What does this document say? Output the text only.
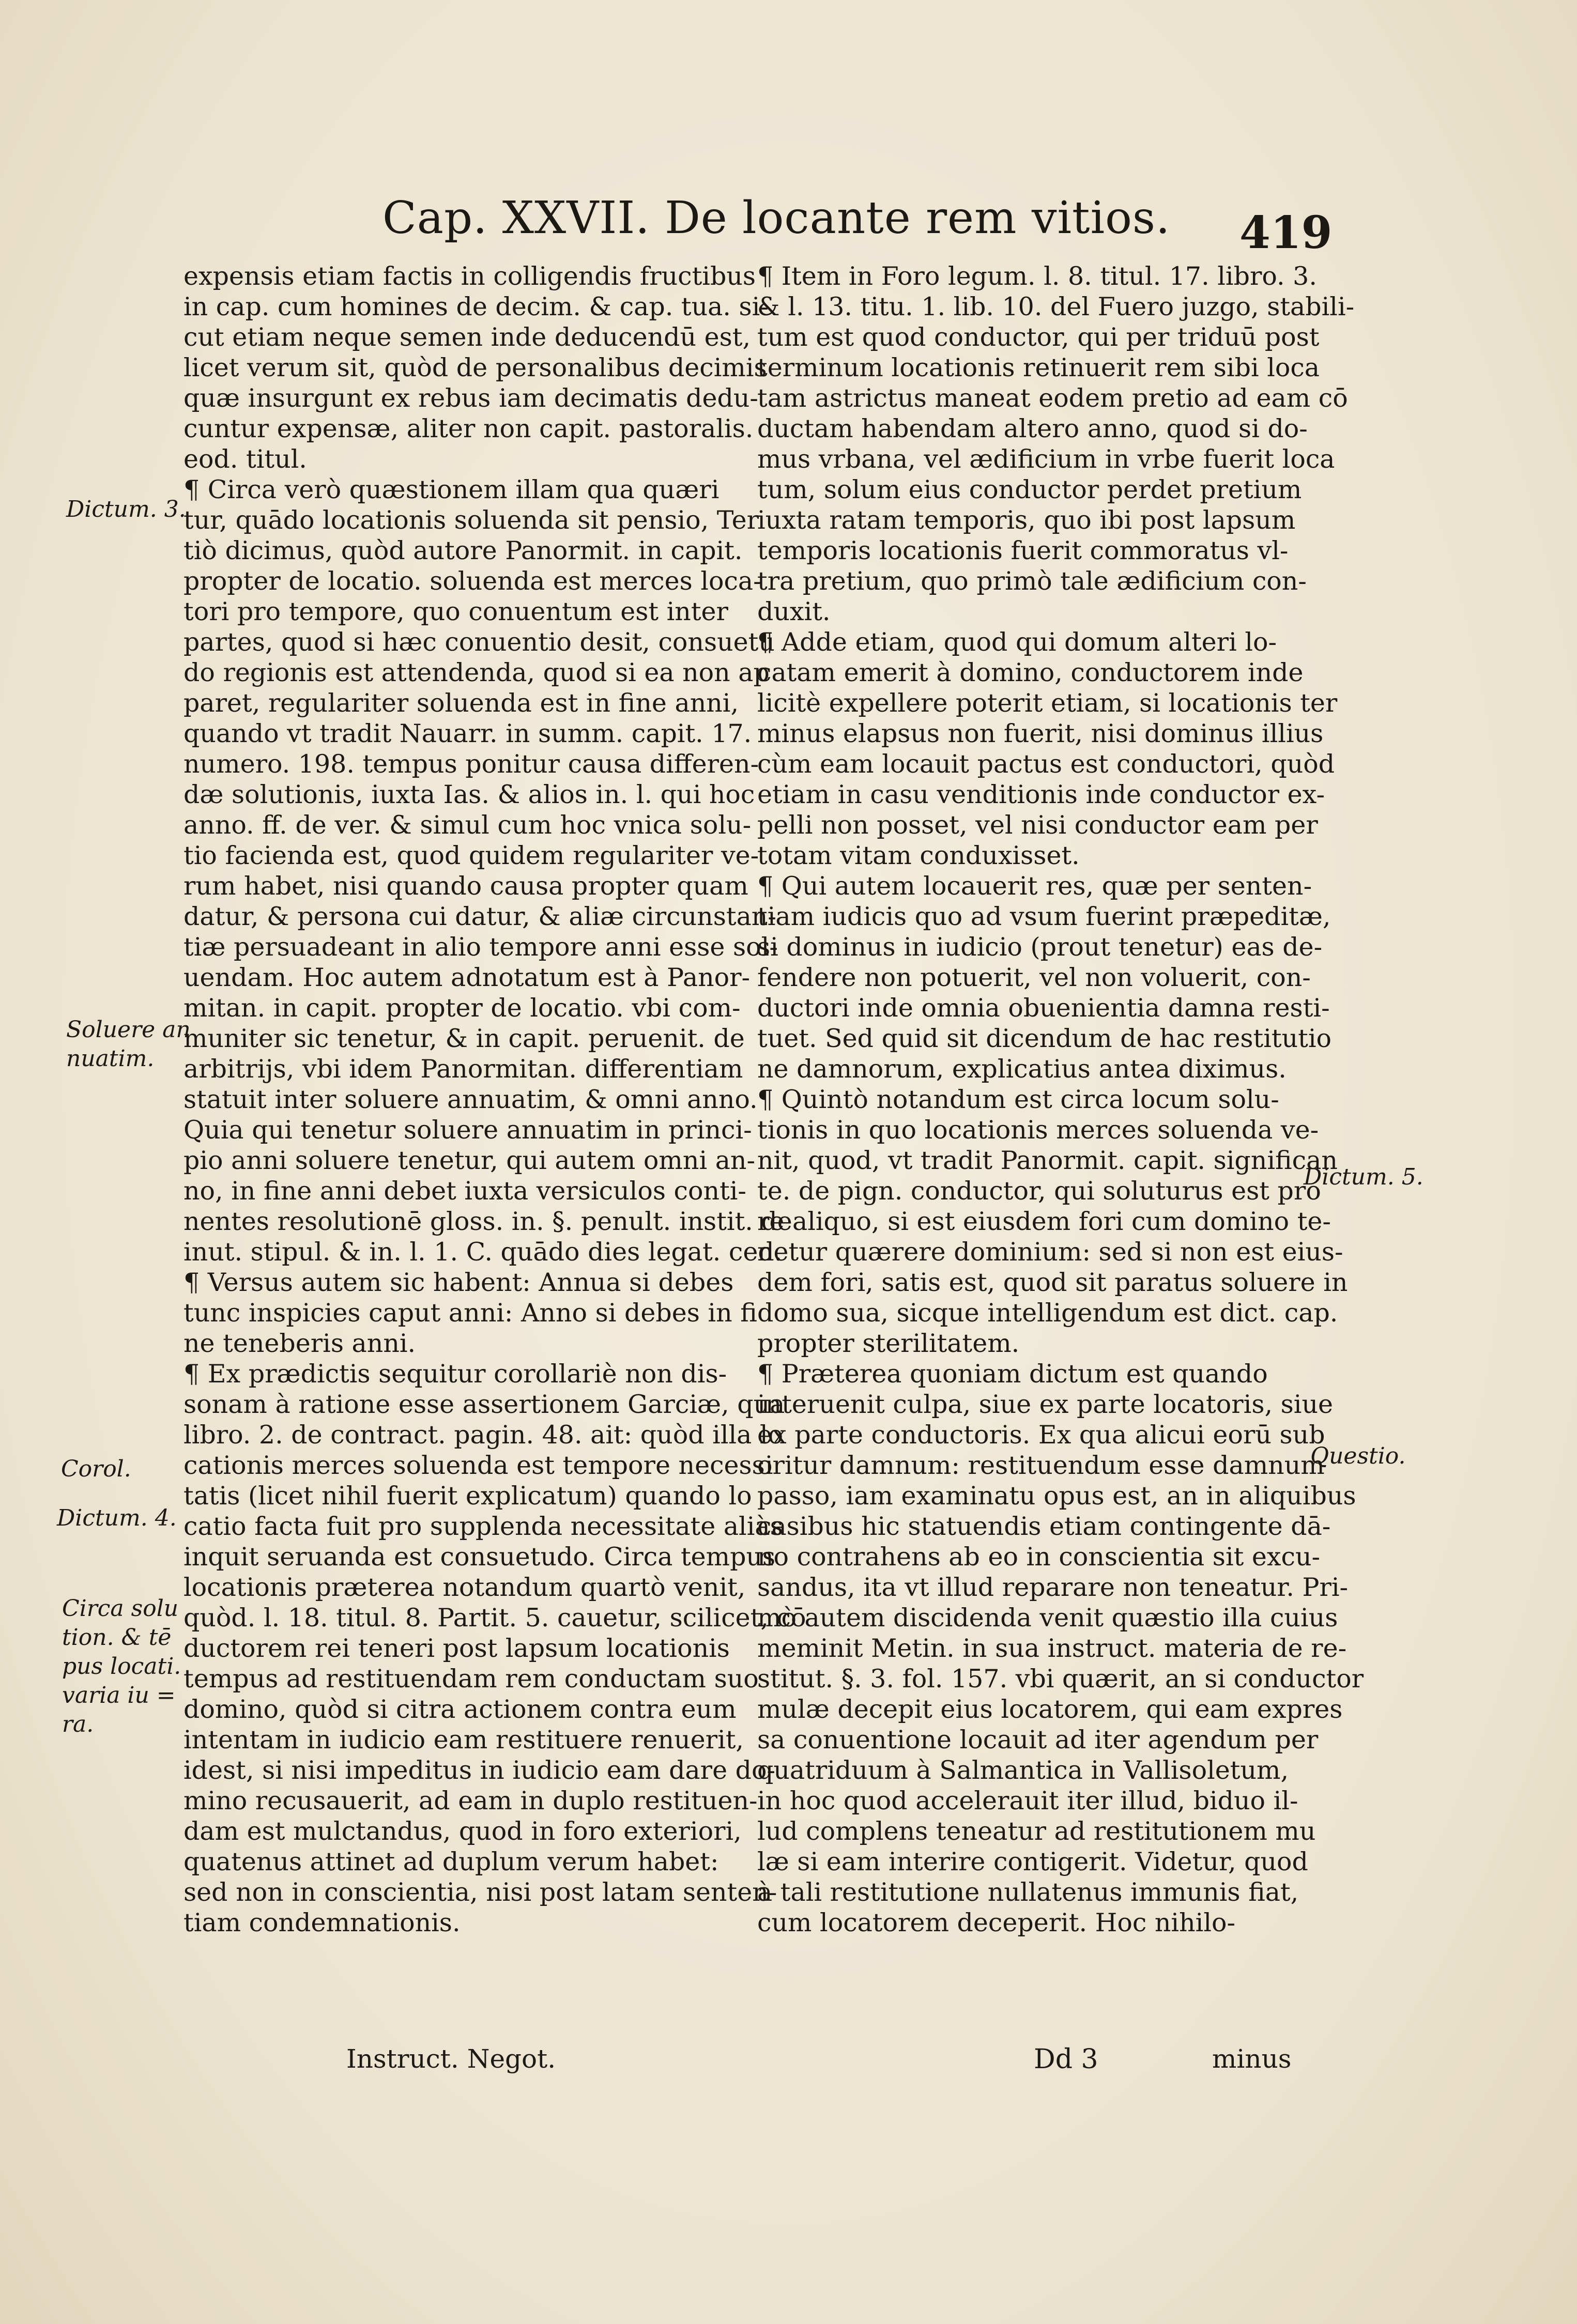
Cap. XXVII. De locante rem vitios. 419
expensis etiam factis in colligendis fructibus
in cap. cum homines de decim. & cap. tua. si-
cut etiam neque semen inde deducendū est,
licet verum sit, quòd de personalibus decimis
quæ insurgunt ex rebus iam decimatis dedu-
cuntur expensæ, aliter non capit. pastoralis.
eod. titul.
¶ Circa verò quæstionem illam qua quæri
tur, quādo locationis soluenda sit pensio, Ter
tiò dicimus, quòd autore Panormit. in capit.
propter de locatio. soluenda est merces loca-
tori pro tempore, quo conuentum est inter
partes, quod si hæc conuentio desit, consuetu
do regionis est attendenda, quod si ea non ap
paret, regulariter soluenda est in fine anni,
quando vt tradit Nauarr. in summ. capit. 17.
numero. 198. tempus ponitur causa differen-
dæ solutionis, iuxta Ias. & alios in. l. qui hoc
anno. ff. de ver. & simul cum hoc vnica solu-
tio facienda est, quod quidem regulariter ve-
rum habet, nisi quando causa propter quam
datur, & persona cui datur, & aliæ circunstan-
tiæ persuadeant in alio tempore anni esse sol-
uendam. Hoc autem adnotatum est à Panor-
mitan. in capit. propter de locatio. vbi com-
muniter sic tenetur, & in capit. peruenit. de
arbitrijs, vbi idem Panormitan. differentiam
statuit inter soluere annuatim, & omni anno.
Quia qui tenetur soluere annuatim in princi-
pio anni soluere tenetur, qui autem omni an-
no, in fine anni debet iuxta versiculos conti-
nentes resolutionē gloss. in. §. penult. instit. de
inut. stipul. & in. l. 1. C. quādo dies legat. ced.
¶ Versus autem sic habent: Annua si debes
tunc inspicies caput anni: Anno si debes in fi
ne teneberis anni.
¶ Ex prædictis sequitur corollariè non dis-
sonam à ratione esse assertionem Garciæ, qua
libro. 2. de contract. pagin. 48. ait: quòd illa lo
cationis merces soluenda est tempore necessi
tatis (licet nihil fuerit explicatum) quando lo
catio facta fuit pro supplenda necessitate aliàs
inquit seruanda est consuetudo. Circa tempus
locationis præterea notandum quartò venit,
quòd. l. 18. titul. 8. Partit. 5. cauetur, scilicet, cō
ductorem rei teneri post lapsum locationis
tempus ad restituendam rem conductam suo
domino, quòd si citra actionem contra eum
intentam in iudicio eam restituere renuerit,
idest, si nisi impeditus in iudicio eam dare do-
mino recusauerit, ad eam in duplo restituen-
dam est mulctandus, quod in foro exteriori,
quatenus attinet ad duplum verum habet:
sed non in conscientia, nisi post latam senten-
tiam condemnationis.
¶ Item in Foro legum. l. 8. titul. 17. libro. 3.
& l. 13. titu. 1. lib. 10. del Fuero juzgo, stabili-
tum est quod conductor, qui per triduū post
terminum locationis retinuerit rem sibi loca
tam astrictus maneat eodem pretio ad eam cō
ductam habendam altero anno, quod si do-
mus vrbana, vel ædificium in vrbe fuerit loca
tum, solum eius conductor perdet pretium
iuxta ratam temporis, quo ibi post lapsum
temporis locationis fuerit commoratus vl-
tra pretium, quo primò tale ædificium con-
duxit.
¶ Adde etiam, quod qui domum alteri lo-
catam emerit à domino, conductorem inde
licitè expellere poterit etiam, si locationis ter
minus elapsus non fuerit, nisi dominus illius
cùm eam locauit pactus est conductori, quòd
etiam in casu venditionis inde conductor ex-
pelli non posset, vel nisi conductor eam per
totam vitam conduxisset.
¶ Qui autem locauerit res, quæ per senten-
tiam iudicis quo ad vsum fuerint præpeditæ,
si dominus in iudicio (prout tenetur) eas de-
fendere non potuerit, vel non voluerit, con-
ductori inde omnia obuenientia damna resti-
tuet. Sed quid sit dicendum de hac restitutio
ne damnorum, explicatius antea diximus.
¶ Quintò notandum est circa locum solu-
tionis in quo locationis merces soluenda ve-
nit, quod, vt tradit Panormit. capit. significan
te. de pign. conductor, qui soluturus est pro
re aliquo, si est eiusdem fori cum domino te-
netur quærere dominium: sed si non est eius-
dem fori, satis est, quod sit paratus soluere in
domo sua, sicque intelligendum est dict. cap.
propter sterilitatem.
¶ Præterea quoniam dictum est quando
interuenit culpa, siue ex parte locatoris, siue
ex parte conductoris. Ex qua alicui eorū sub
oritur damnum: restituendum esse damnum
passo, iam examinatu opus est, an in aliquibus
casibus hic statuendis etiam contingente dā-
no contrahens ab eo in conscientia sit excu-
sandus, ita vt illud reparare non teneatur. Pri-
mò autem discidenda venit quæstio illa cuius
meminit Metin. in sua instruct. materia de re-
stitut. §. 3. fol. 157. vbi quærit, an si conductor
mulæ decepit eius locatorem, qui eam expres
sa conuentione locauit ad iter agendum per
quatriduum à Salmantica in Vallisoletum,
in hoc quod accelerauit iter illud, biduo il-
lud complens teneatur ad restitutionem mu
læ si eam interire contigerit. Videtur, quod
à tali restitutione nullatenus immunis fiat,
cum locatorem deceperit. Hoc nihilo-
Dictum. 3.
Soluere an
nuatim.
Corol.
Dictum. 4.
Circa solu
tion. & tē
pus locati.
varia iu =
ra.
Dictum. 5.
Questio.
Instruct. Negot.	Dd 3	minus
